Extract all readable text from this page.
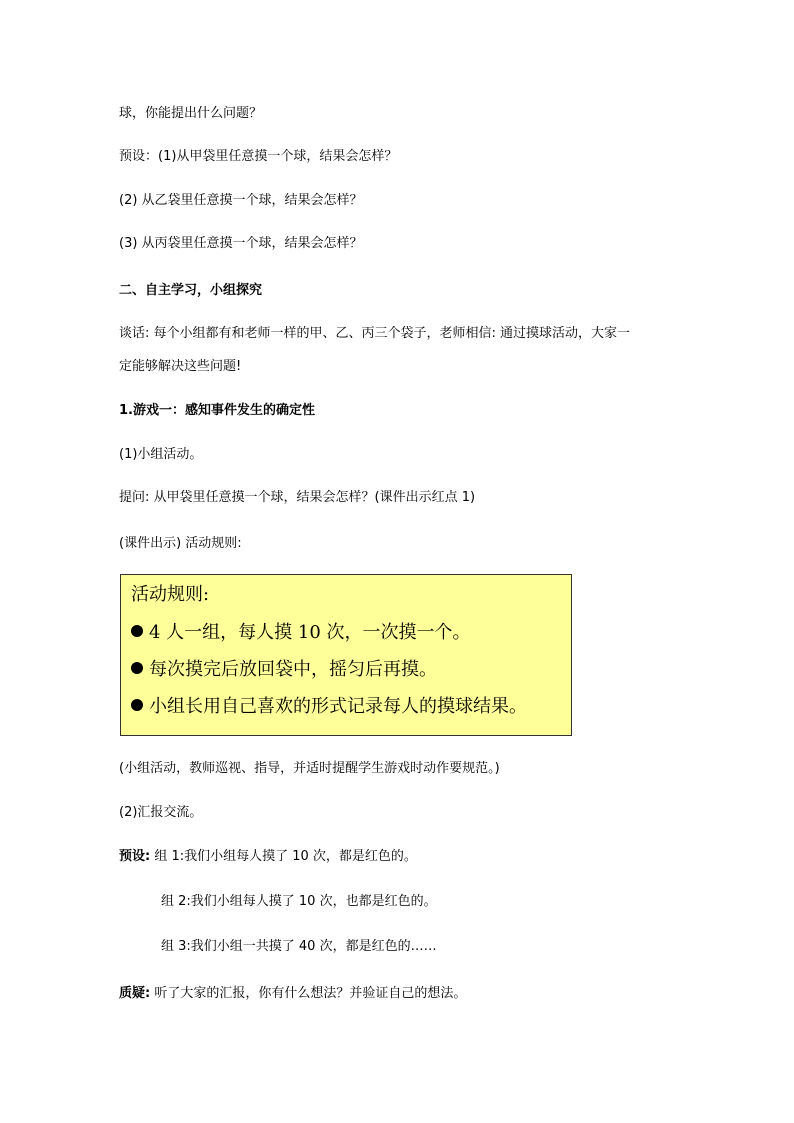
球，你能提出什么问题？
预设：(1)从甲袋里任意摸一个球，结果会怎样？
(2) 从乙袋里任意摸一个球，结果会怎样？
(3) 从丙袋里任意摸一个球，结果会怎样？
二、自主学习，小组探究
谈话: 每个小组都有和老师一样的甲、乙、丙三个袋子，老师相信: 通过摸球活动，大家一
定能够解决这些问题!
1.游戏一：感知事件发生的确定性
(1)小组活动。
提问: 从甲袋里任意摸一个球，结果会怎样？(课件出示红点 1)
(课件出示) 活动规则:
活动规则:
4 人一组，每人摸 10 次，一次摸一个。
每次摸完后放回袋中，摇匀后再摸。
小组长用自己喜欢的形式记录每人的摸球结果。
(小组活动，教师巡视、指导，并适时提醒学生游戏时动作要规范。)
(2)汇报交流。
预设: 组 1:我们小组每人摸了 10 次，都是红色的。
组 2:我们小组每人摸了 10 次，也都是红色的。
组 3:我们小组一共摸了 40 次，都是红色的……
质疑: 听了大家的汇报，你有什么想法？并验证自己的想法。
